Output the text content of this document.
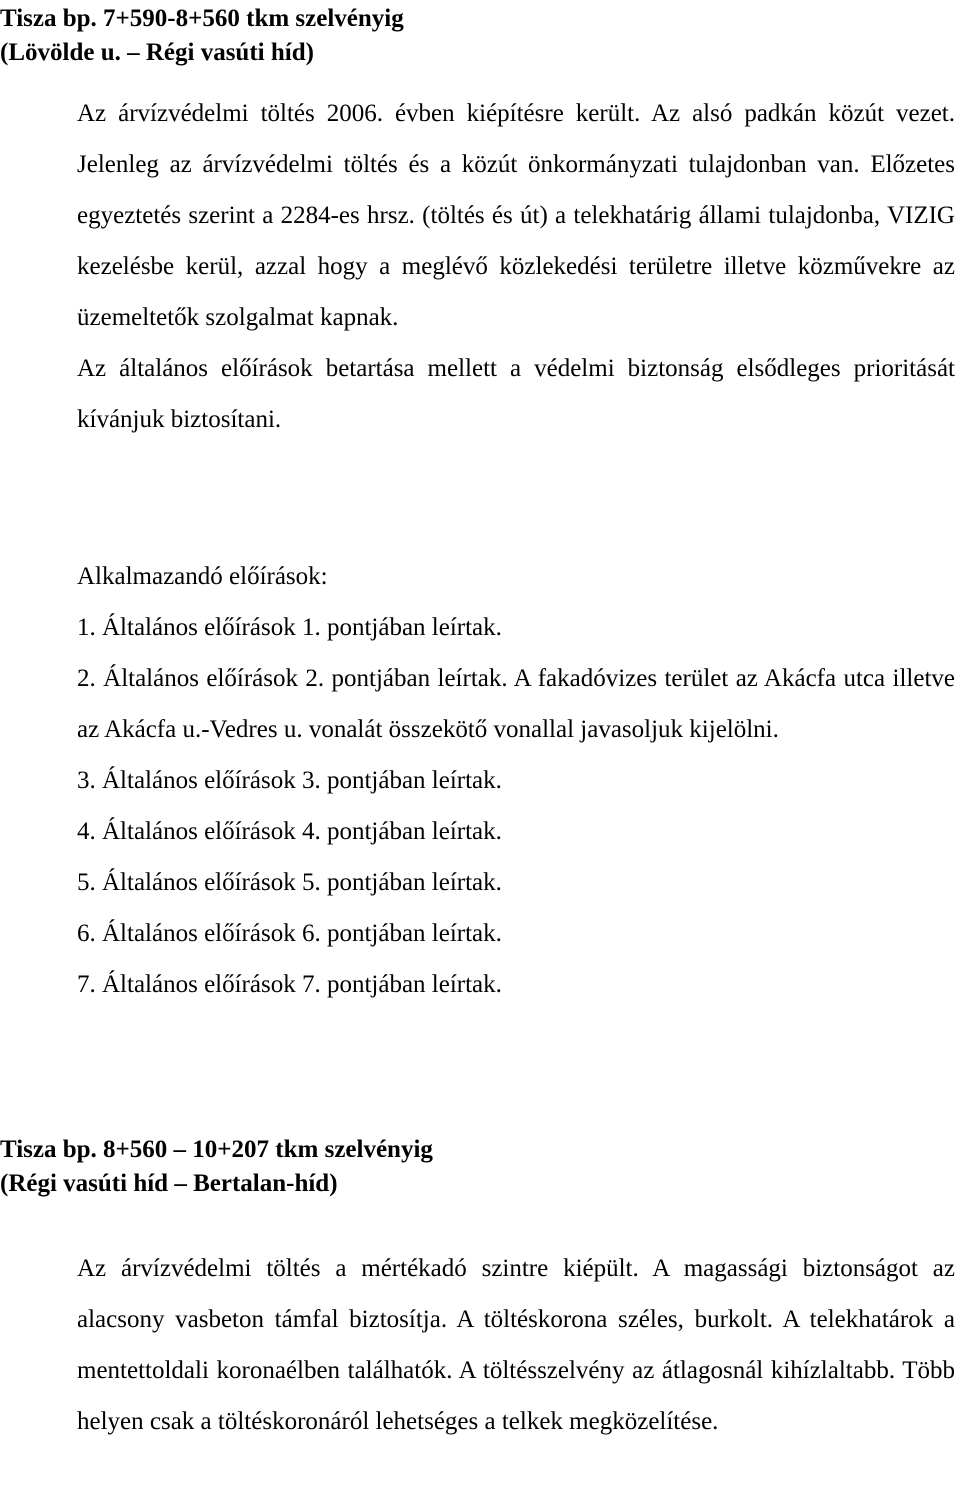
Tisza bp. 7+590-8+560 tkm szelvényig
(Lövölde u. – Régi vasúti híd)

Az árvízvédelmi töltés 2006. évben kiépítésre került. Az alsó padkán közút vezet. Jelenleg az árvízvédelmi töltés és a közút önkormányzati tulajdonban van. Előzetes egyeztetés szerint a 2284-es hrsz. (töltés és út) a telekhatárig állami tulajdonba, VIZIG kezelésbe kerül, azzal hogy a meglévő közlekedési területre illetve közművekre az üzemeltetők szolgalmat kapnak.

Az általános előírások betartása mellett a védelmi biztonság elsődleges prioritását kívánjuk biztosítani.

Alkalmazandó előírások:

1. Általános előírások 1. pontjában leírtak.
2. Általános előírások 2. pontjában leírtak. A fakadóvizes terület az Akácfa utca illetve az Akácfa u.-Vedres u. vonalát összekötő vonallal javasoljuk kijelölni.
3. Általános előírások 3. pontjában leírtak.
4. Általános előírások 4. pontjában leírtak.
5. Általános előírások 5. pontjában leírtak.
6. Általános előírások 6. pontjában leírtak.
7. Általános előírások 7. pontjában leírtak.
Tisza bp. 8+560 – 10+207 tkm szelvényig
(Régi vasúti híd – Bertalan-híd)

Az árvízvédelmi töltés a mértékadó szintre kiépült. A magassági biztonságot az alacsony vasbeton támfal biztosítja. A töltéskorona széles, burkolt. A telekhatárok a mentettoldali koronaélben találhatók. A töltésszelvény az átlagosnál kihízlaltabb. Több helyen csak a töltéskoronáról lehetséges a telkek megközelítése.
